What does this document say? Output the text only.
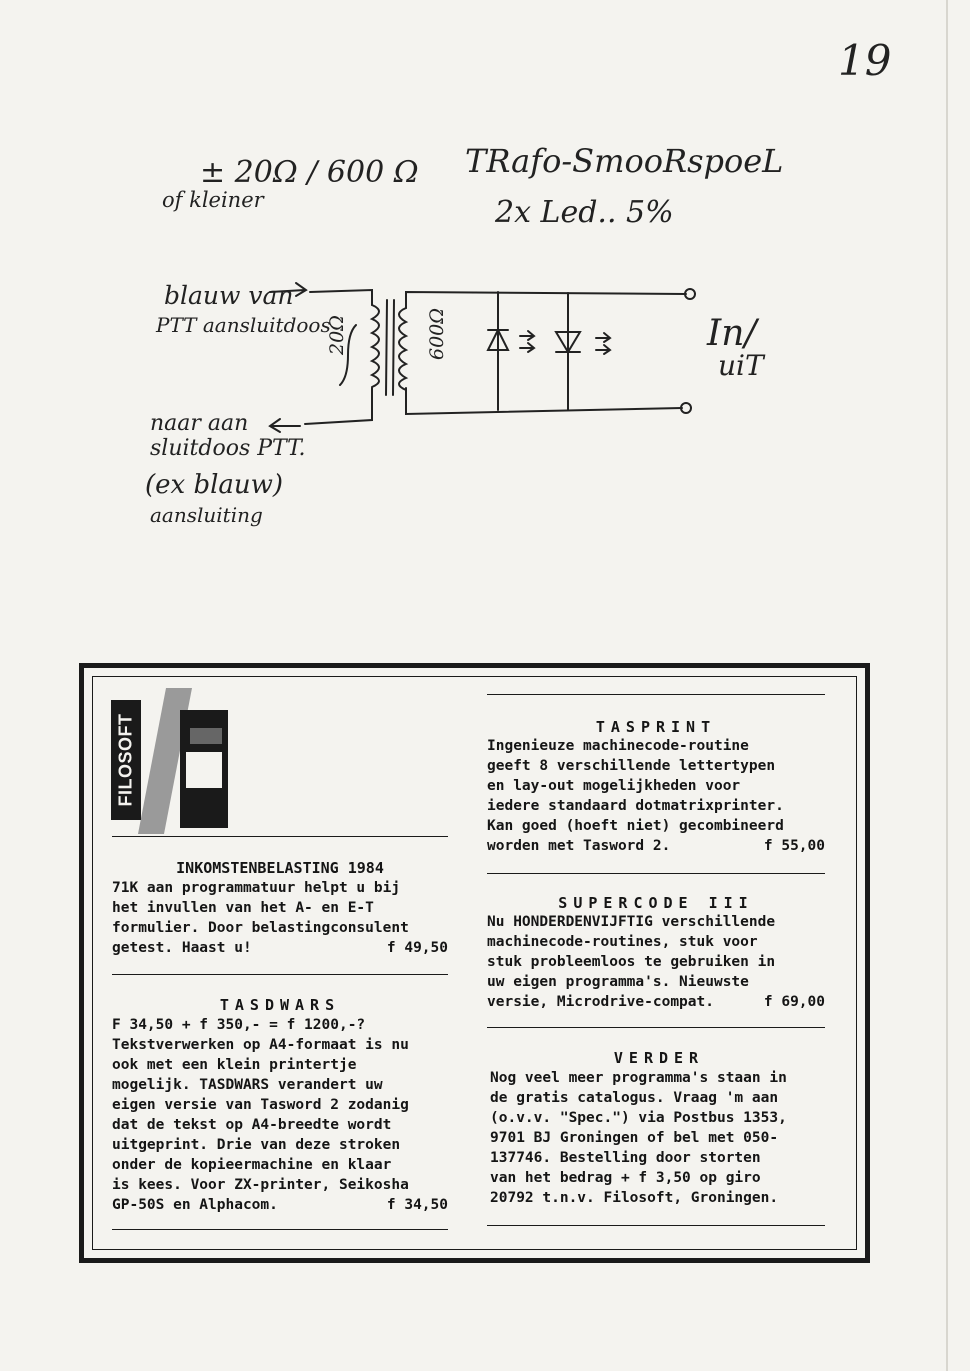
19
± 20Ω / 600 Ω
of kleiner
TRafo-SmooRspoeL
2x Led.. 5%
blauw van
PTT aansluitdoos
naar aan
sluitdoos PTT.
(ex blauw)
aansluiting
In/
uiT
20Ω	600Ω
FILOSOFT
INKOMSTENBELASTING 1984
71K aan programmatuur helpt u bij
het invullen van het A- en E-T
formulier. Door belastingconsulent
getest. Haast u!	f 49,50
TASDWARS
F 34,50 + f 350,- = f 1200,-?
Tekstverwerken op A4-formaat is nu
ook met een klein printertje
mogelijk. TASDWARS verandert uw
eigen versie van Tasword 2 zodanig
dat de tekst op A4-breedte wordt
uitgeprint. Drie van deze stroken
onder de kopieermachine en klaar
is kees. Voor ZX-printer, Seikosha
GP-50S en Alphacom.	f 34,50
TASPRINT
Ingenieuze machinecode-routine
geeft 8 verschillende lettertypen
en lay-out mogelijkheden voor
iedere standaard dotmatrixprinter.
Kan goed (hoeft niet) gecombineerd
worden met Tasword 2.	f 55,00
SUPERCODE III
Nu HONDERDENVIJFTIG verschillende
machinecode-routines, stuk voor
stuk probleemloos te gebruiken in
uw eigen programma's. Nieuwste
versie, Microdrive-compat.	f 69,00
VERDER
Nog veel meer programma's staan in
de gratis catalogus. Vraag 'm aan
(o.v.v. "Spec.") via Postbus 1353,
9701 BJ Groningen of bel met 050-
137746. Bestelling door storten
van het bedrag + f 3,50 op giro
20792 t.n.v. Filosoft, Groningen.
